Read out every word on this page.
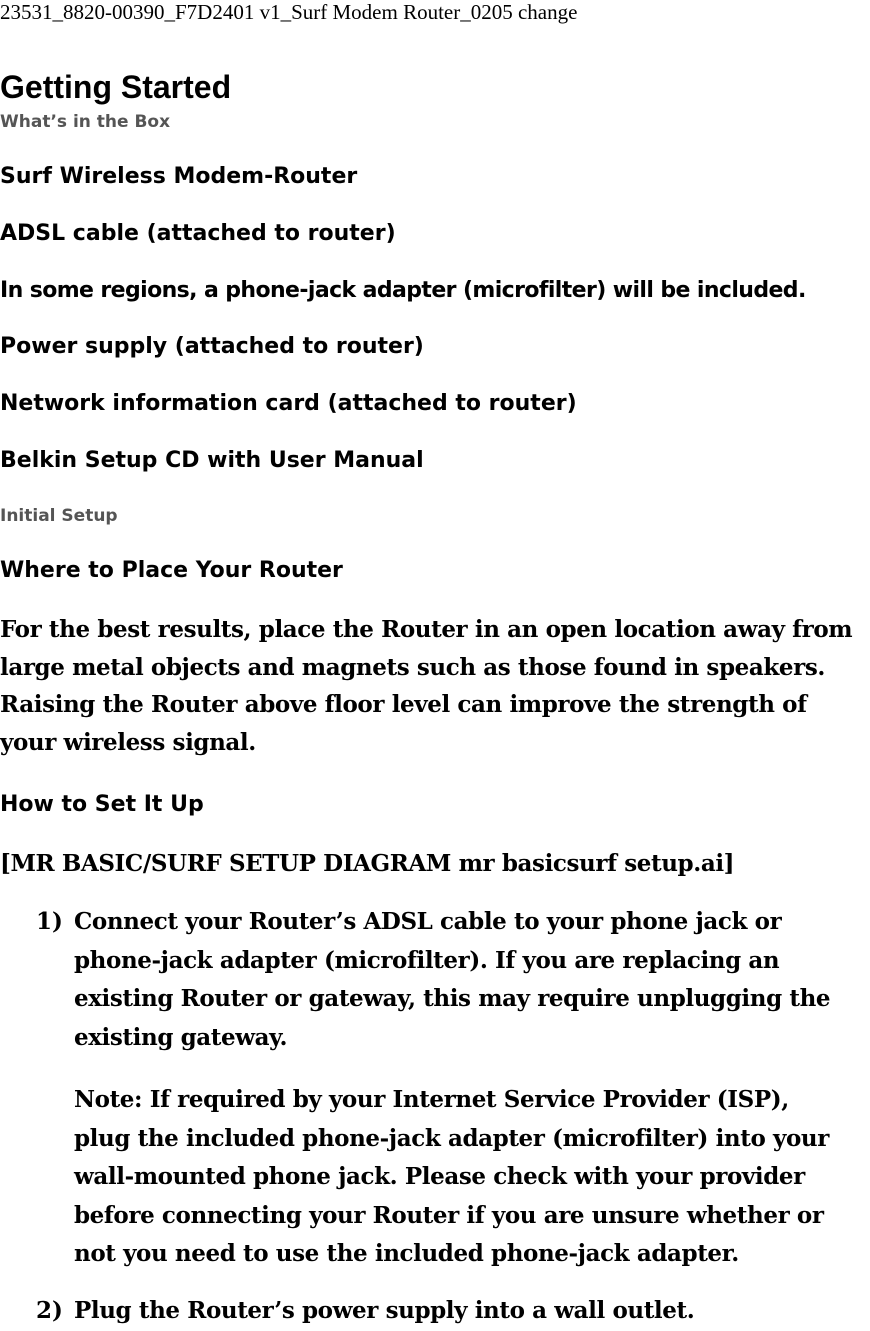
23531_8820-00390_F7D2401 v1_Surf Modem Router_0205 change
Getting Started
What’s in the Box
Surf Wireless Modem-Router
ADSL cable (attached to router)
In some regions, a phone-jack adapter (microfilter) will be included.
Power supply (attached to router)
Network information card (attached to router)
Belkin Setup CD with User Manual
Initial Setup
Where to Place Your Router
For the best results, place the Router in an open location away from
large metal objects and magnets such as those found in speakers.
Raising the Router above floor level can improve the strength of
your wireless signal.
How to Set It Up
[MR BASIC/SURF SETUP DIAGRAM mr basicsurf setup.ai]
1) Connect your Router’s ADSL cable to your phone jack or
phone-jack adapter (microfilter). If you are replacing an
existing Router or gateway, this may require unplugging the
existing gateway.
Note: If required by your Internet Service Provider (ISP),
plug the included phone-jack adapter (microfilter) into your
wall-mounted phone jack. Please check with your provider
before connecting your Router if you are unsure whether or
not you need to use the included phone-jack adapter.
2) Plug the Router’s power supply into a wall outlet.
